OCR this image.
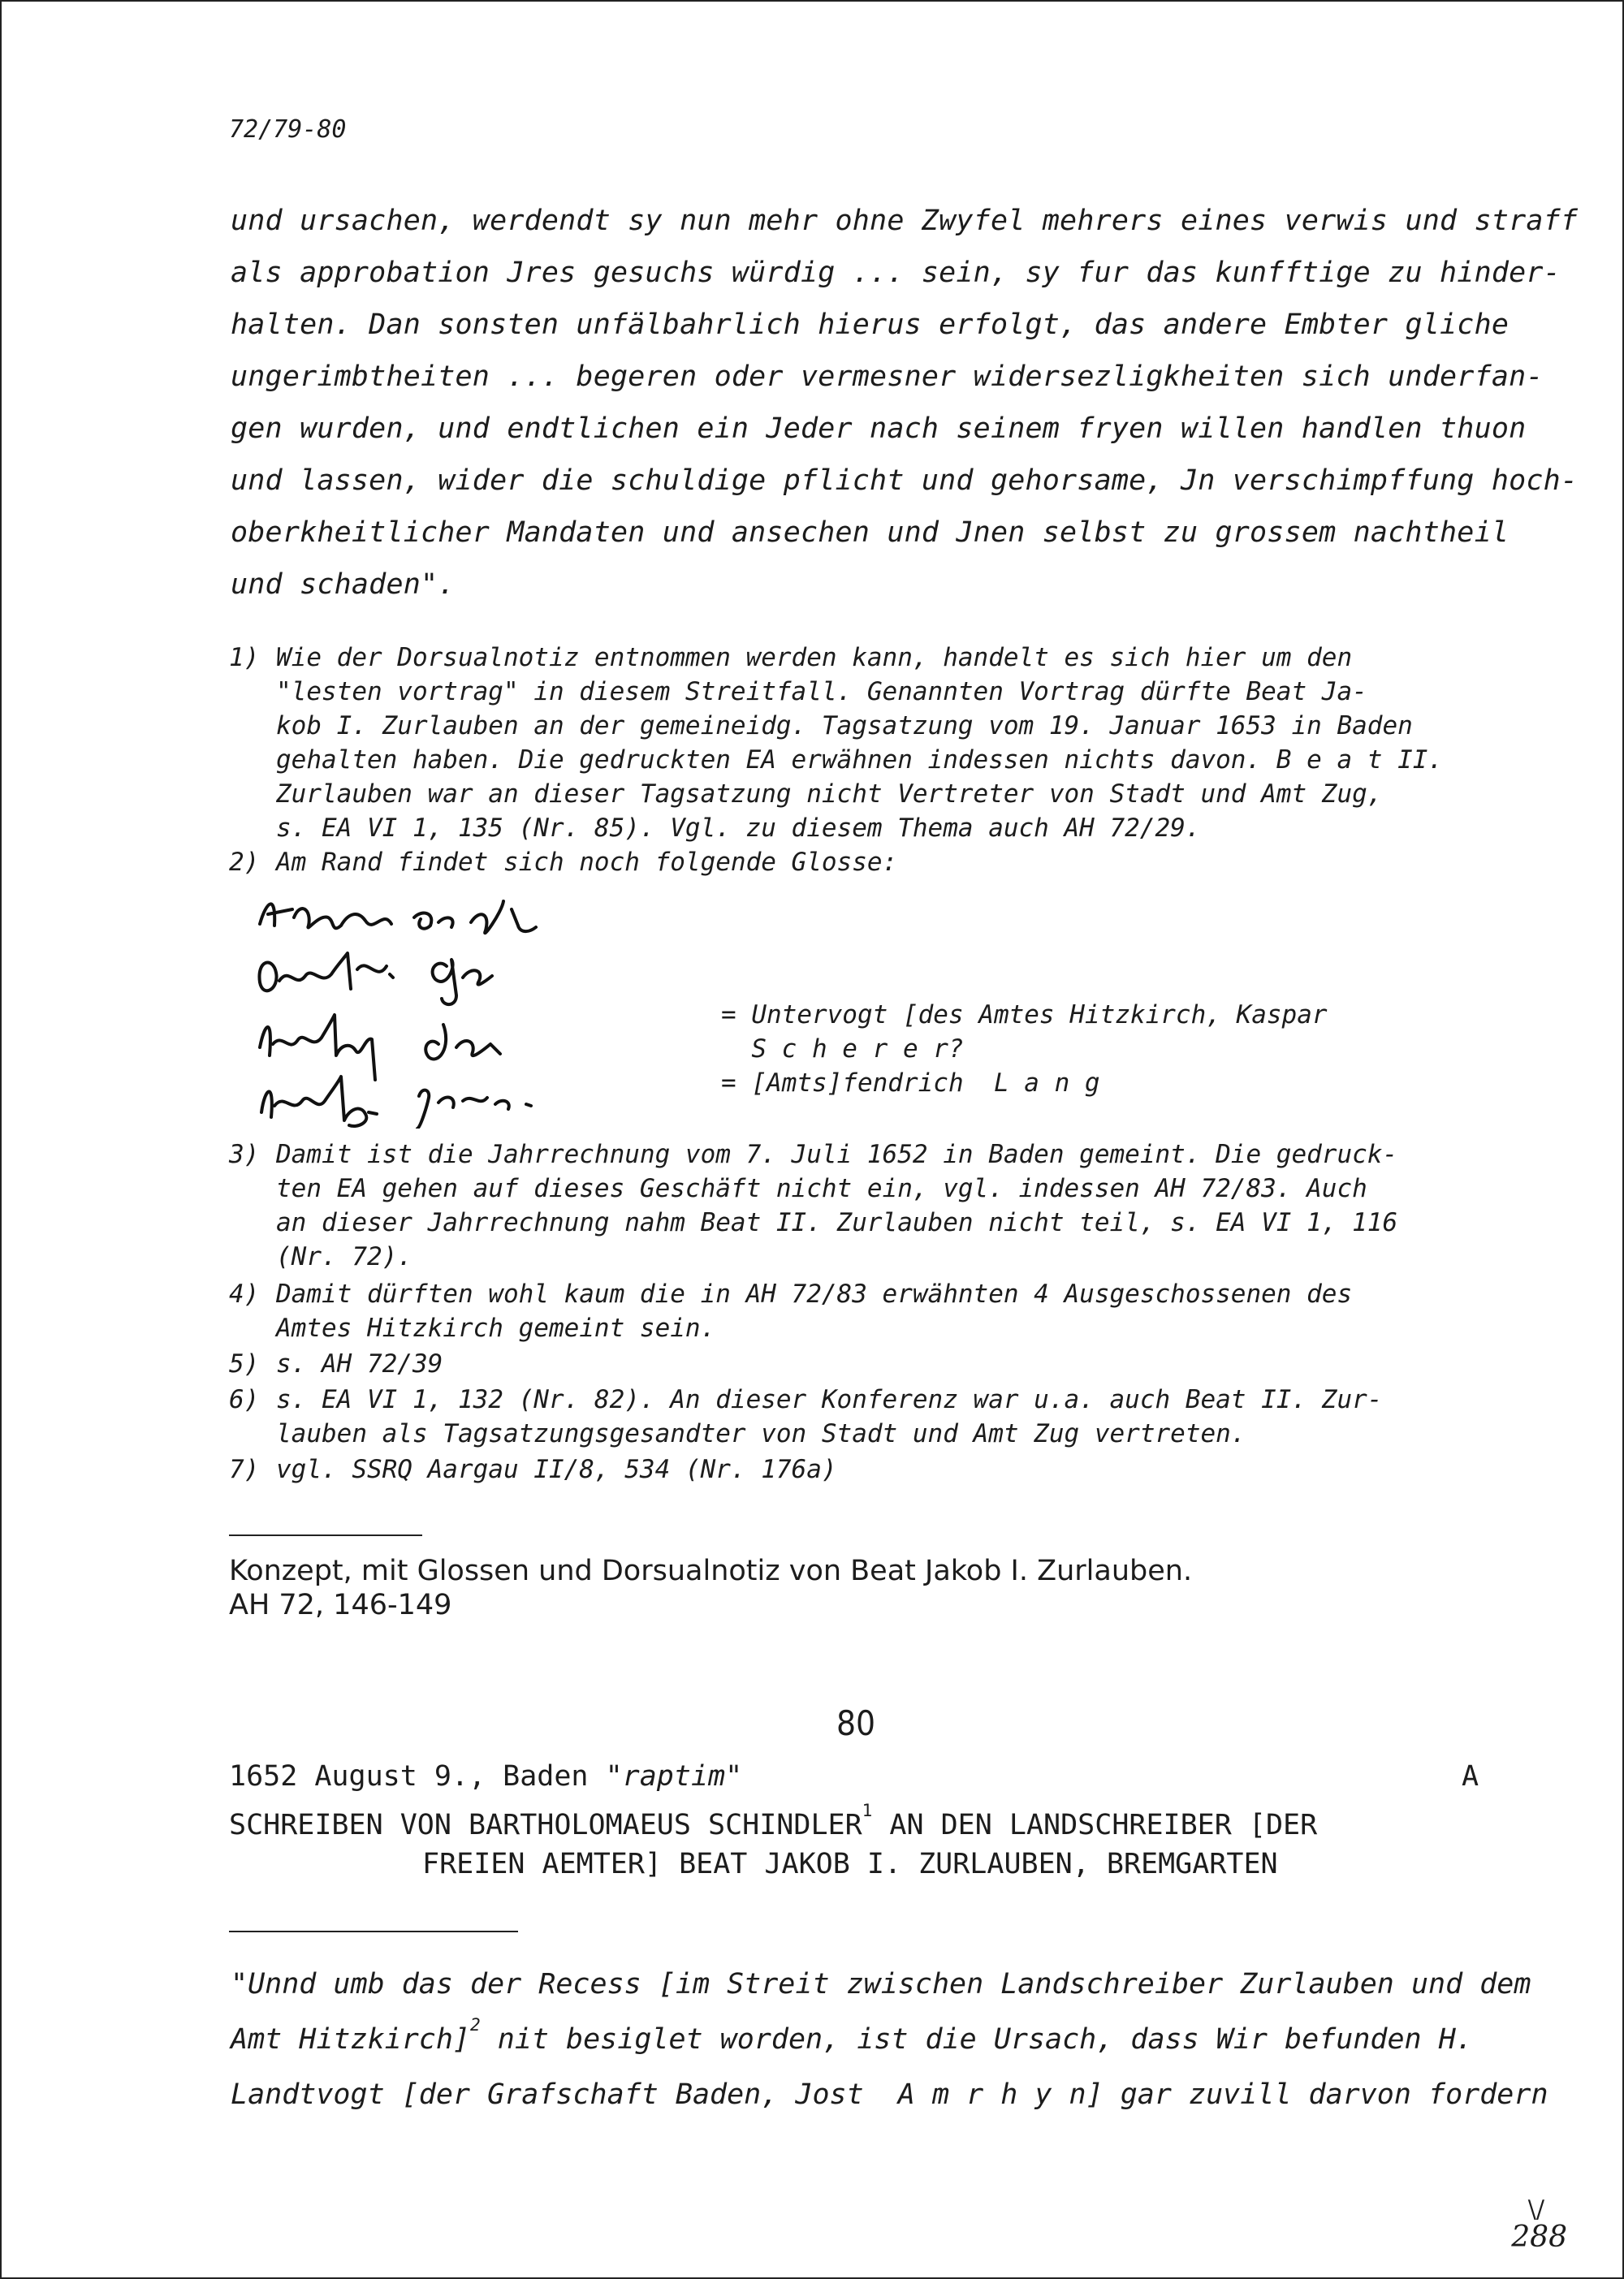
72/79-80
und ursachen, werdendt sy nun mehr ohne Zwyfel mehrers eines verwis und straff
als approbation Jres gesuchs würdig ... sein, sy fur das kunfftige zu hinder-
halten. Dan sonsten unfälbahrlich hierus erfolgt, das andere Embter gliche
ungerimbtheiten ... begeren oder vermesner widersezligkheiten sich underfan-
gen wurden, und endtlichen ein Jeder nach seinem fryen willen handlen thuon
und lassen, wider die schuldige pflicht und gehorsame, Jn verschimpffung hoch-
oberkheitlicher Mandaten und ansechen und Jnen selbst zu grossem nachtheil
und schaden".
1) Wie der Dorsualnotiz entnommen werden kann, handelt es sich hier um den
"lesten vortrag" in diesem Streitfall. Genannten Vortrag dürfte Beat Ja-
kob I. Zurlauben an der gemeineidg. Tagsatzung vom 19. Januar 1653 in Baden
gehalten haben. Die gedruckten EA erwähnen indessen nichts davon. B e a t II.
Zurlauben war an dieser Tagsatzung nicht Vertreter von Stadt und Amt Zug,
s. EA VI 1, 135 (Nr. 85). Vgl. zu diesem Thema auch AH 72/29.
2) Am Rand findet sich noch folgende Glosse:
= Untervogt [des Amtes Hitzkirch, Kaspar
S c h e r e r?
= [Amts]fendrich  L a n g
3) Damit ist die Jahrrechnung vom 7. Juli 1652 in Baden gemeint. Die gedruck-
ten EA gehen auf dieses Geschäft nicht ein, vgl. indessen AH 72/83. Auch
an dieser Jahrrechnung nahm Beat II. Zurlauben nicht teil, s. EA VI 1, 116
(Nr. 72).
4) Damit dürften wohl kaum die in AH 72/83 erwähnten 4 Ausgeschossenen des
Amtes Hitzkirch gemeint sein.
5) s. AH 72/39
6) s. EA VI 1, 132 (Nr. 82). An dieser Konferenz war u.a. auch Beat II. Zur-
lauben als Tagsatzungsgesandter von Stadt und Amt Zug vertreten.
7) vgl. SSRQ Aargau II/8, 534 (Nr. 176a)
Konzept, mit Glossen und Dorsualnotiz von Beat Jakob I. Zurlauben.
AH 72, 146-149
80
1652 August 9., Baden "raptim"	A
SCHREIBEN VON BARTHOLOMAEUS SCHINDLER$^1$ AN DEN LANDSCHREIBER [DER
FREIEN AEMTER] BEAT JAKOB I. ZURLAUBEN, BREMGARTEN
"Unnd umb das der Recess [im Streit zwischen Landschreiber Zurlauben und dem
Amt Hitzkirch]$^2$ nit besiglet worden, ist die Ursach, dass Wir befunden H.
Landtvogt [der Grafschaft Baden, Jost  A m r h y n] gar zuvill darvon fordern
\/
288
